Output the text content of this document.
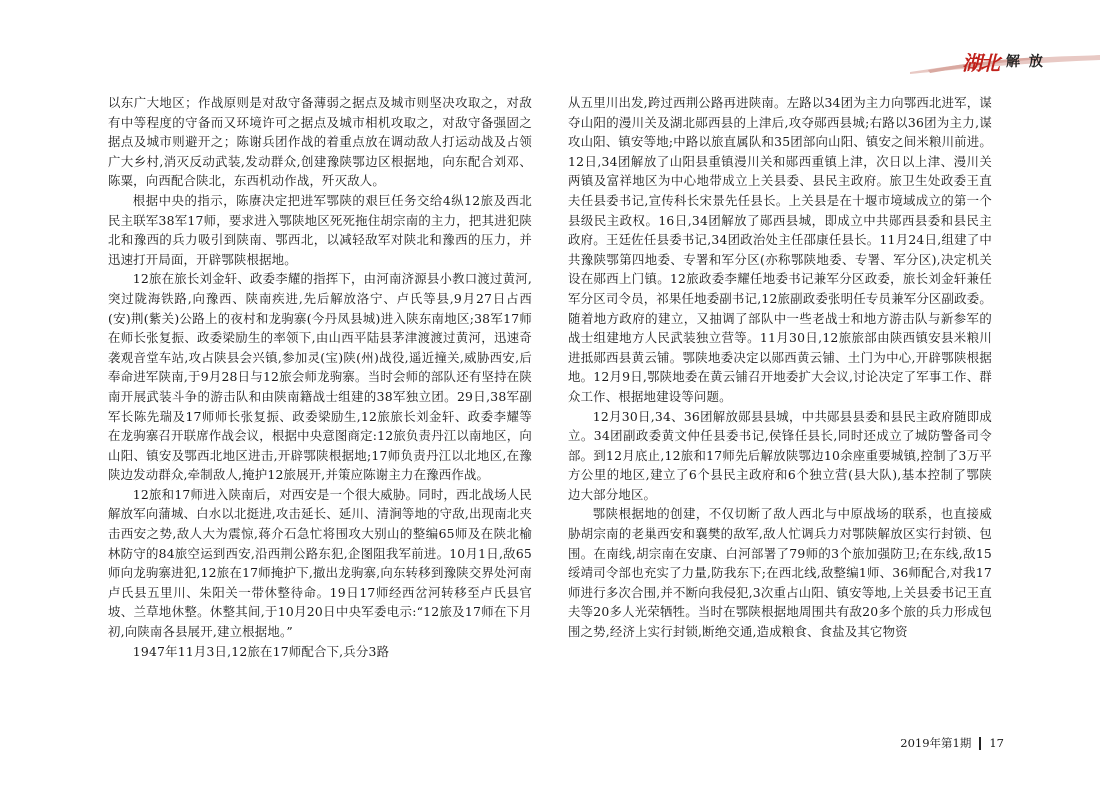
湖北 解 放

以东广大地区；作战原则是对敌守备薄弱之据点及城市则坚决攻取之，对敌有中等程度的守备而又环境许可之据点及城市相机攻取之，对敌守备强固之据点及城市则避开之；陈谢兵团作战的着重点放在调动敌人打运动战及占领广大乡村,消灭反动武装,发动群众,创建豫陕鄂边区根据地，向东配合刘邓、陈粟，向西配合陕北，东西机动作战，歼灭敌人。

根据中央的指示，陈赓决定把进军鄂陕的艰巨任务交给4纵12旅及西北民主联军38军17师，要求进入鄂陕地区死死拖住胡宗南的主力，把其进犯陕北和豫西的兵力吸引到陕南、鄂西北，以减轻敌军对陕北和豫西的压力，并迅速打开局面，开辟鄂陕根据地。

12旅在旅长刘金轩、政委李耀的指挥下，由河南济源县小教口渡过黄河,突过陇海铁路,向豫西、陕南疾进,先后解放洛宁、卢氏等县,9月27日占西(安)荆(紫关)公路上的夜村和龙驹寨(今丹凤县城)进入陕东南地区;38军17师在师长张复振、政委梁励生的率领下,由山西平陆县茅津渡渡过黄河，迅速奇袭观音堂车站,攻占陕县会兴镇,参加灵(宝)陕(州)战役,遥近撞关,威胁西安,后奉命进军陕南,于9月28日与12旅会师龙驹寨。当时会师的部队还有坚持在陕南开展武装斗争的游击队和由陕南籍战士组建的38军独立团。29日,38军副军长陈先瑞及17师师长张复振、政委梁励生,12旅旅长刘金轩、政委李耀等在龙驹寨召开联席作战会议，根据中央意图商定:12旅负责丹江以南地区，向山阳、镇安及鄂西北地区进击,开辟鄂陕根据地;17师负责丹江以北地区,在豫陕边发动群众,牵制敌人,掩护12旅展开,并策应陈谢主力在豫西作战。

12旅和17师进入陕南后，对西安是一个很大威胁。同时，西北战场人民解放军向蒲城、白水以北挺进,攻击延长、延川、清涧等地的守敌,出现南北夹击西安之势,敌人大为震惊,蒋介石急忙将围攻大别山的整编65师及在陕北榆林防守的84旅空运到西安,沿西荆公路东犯,企图阻我军前进。10月1日,敌65师向龙驹寨进犯,12旅在17师掩护下,撤出龙驹寨,向东转移到豫陕交界处河南卢氏县五里川、朱阳关一带休整待命。19日17师经西岔河转移至卢氏县官坡、兰草地休整。休整其间,于10月20日中央军委电示:“12旅及17师在下月初,向陕南各县展开,建立根据地。”

1947年11月3日,12旅在17师配合下,兵分3路

从五里川出发,跨过西荆公路再进陕南。左路以34团为主力向鄂西北进军，谋夺山阳的漫川关及湖北郧西县的上津后,攻夺郧西县城;右路以36团为主力,谋攻山阳、镇安等地;中路以旅直属队和35团部向山阳、镇安之间米粮川前进。12日,34团解放了山阳县重镇漫川关和郧西重镇上津，次日以上津、漫川关两镇及富祥地区为中心地带成立上关县委、县民主政府。旅卫生处政委王直夫任县委书记,宣传科长宋景先任县长。上关县是在十堰市境域成立的第一个县级民主政权。16日,34团解放了郧西县城，即成立中共郧西县委和县民主政府。王廷佐任县委书记,34团政治处主任邵康任县长。11月24日,组建了中共豫陕鄂第四地委、专署和军分区(亦称鄂陕地委、专署、军分区),决定机关设在郧西上门镇。12旅政委李耀任地委书记兼军分区政委，旅长刘金轩兼任军分区司令员，祁果任地委副书记,12旅副政委张明任专员兼军分区副政委。随着地方政府的建立，又抽调了部队中一些老战士和地方游击队与新参军的战士组建地方人民武装独立营等。11月30日,12旅旅部由陕西镇安县米粮川进抵郧西县黄云铺。鄂陕地委决定以郧西黄云铺、土门为中心,开辟鄂陕根据地。12月9日,鄂陕地委在黄云铺召开地委扩大会议,讨论决定了军事工作、群众工作、根据地建设等问题。

12月30日,34、36团解放郧县县城，中共郧县县委和县民主政府随即成立。34团副政委黄文仲任县委书记,侯锋任县长,同时还成立了城防警备司令部。到12月底止,12旅和17师先后解放陕鄂边10余座重要城镇,控制了3万平方公里的地区,建立了6个县民主政府和6个独立营(县大队),基本控制了鄂陕边大部分地区。

鄂陕根据地的创建，不仅切断了敌人西北与中原战场的联系，也直接威胁胡宗南的老巢西安和襄樊的敌军,敌人忙调兵力对鄂陕解放区实行封锁、包围。在南线,胡宗南在安康、白河部署了79师的3个旅加强防卫;在东线,敌15绥靖司令部也充实了力量,防我东下;在西北线,敌整编1师、36师配合,对我17师进行多次合围,并不断向我侵犯,3次重占山阳、镇安等地,上关县委书记王直夫等20多人光荣牺牲。当时在鄂陕根据地周围共有敌20多个旅的兵力形成包围之势,经济上实行封锁,断绝交通,造成粮食、食盐及其它物资

2019年第1期 17
